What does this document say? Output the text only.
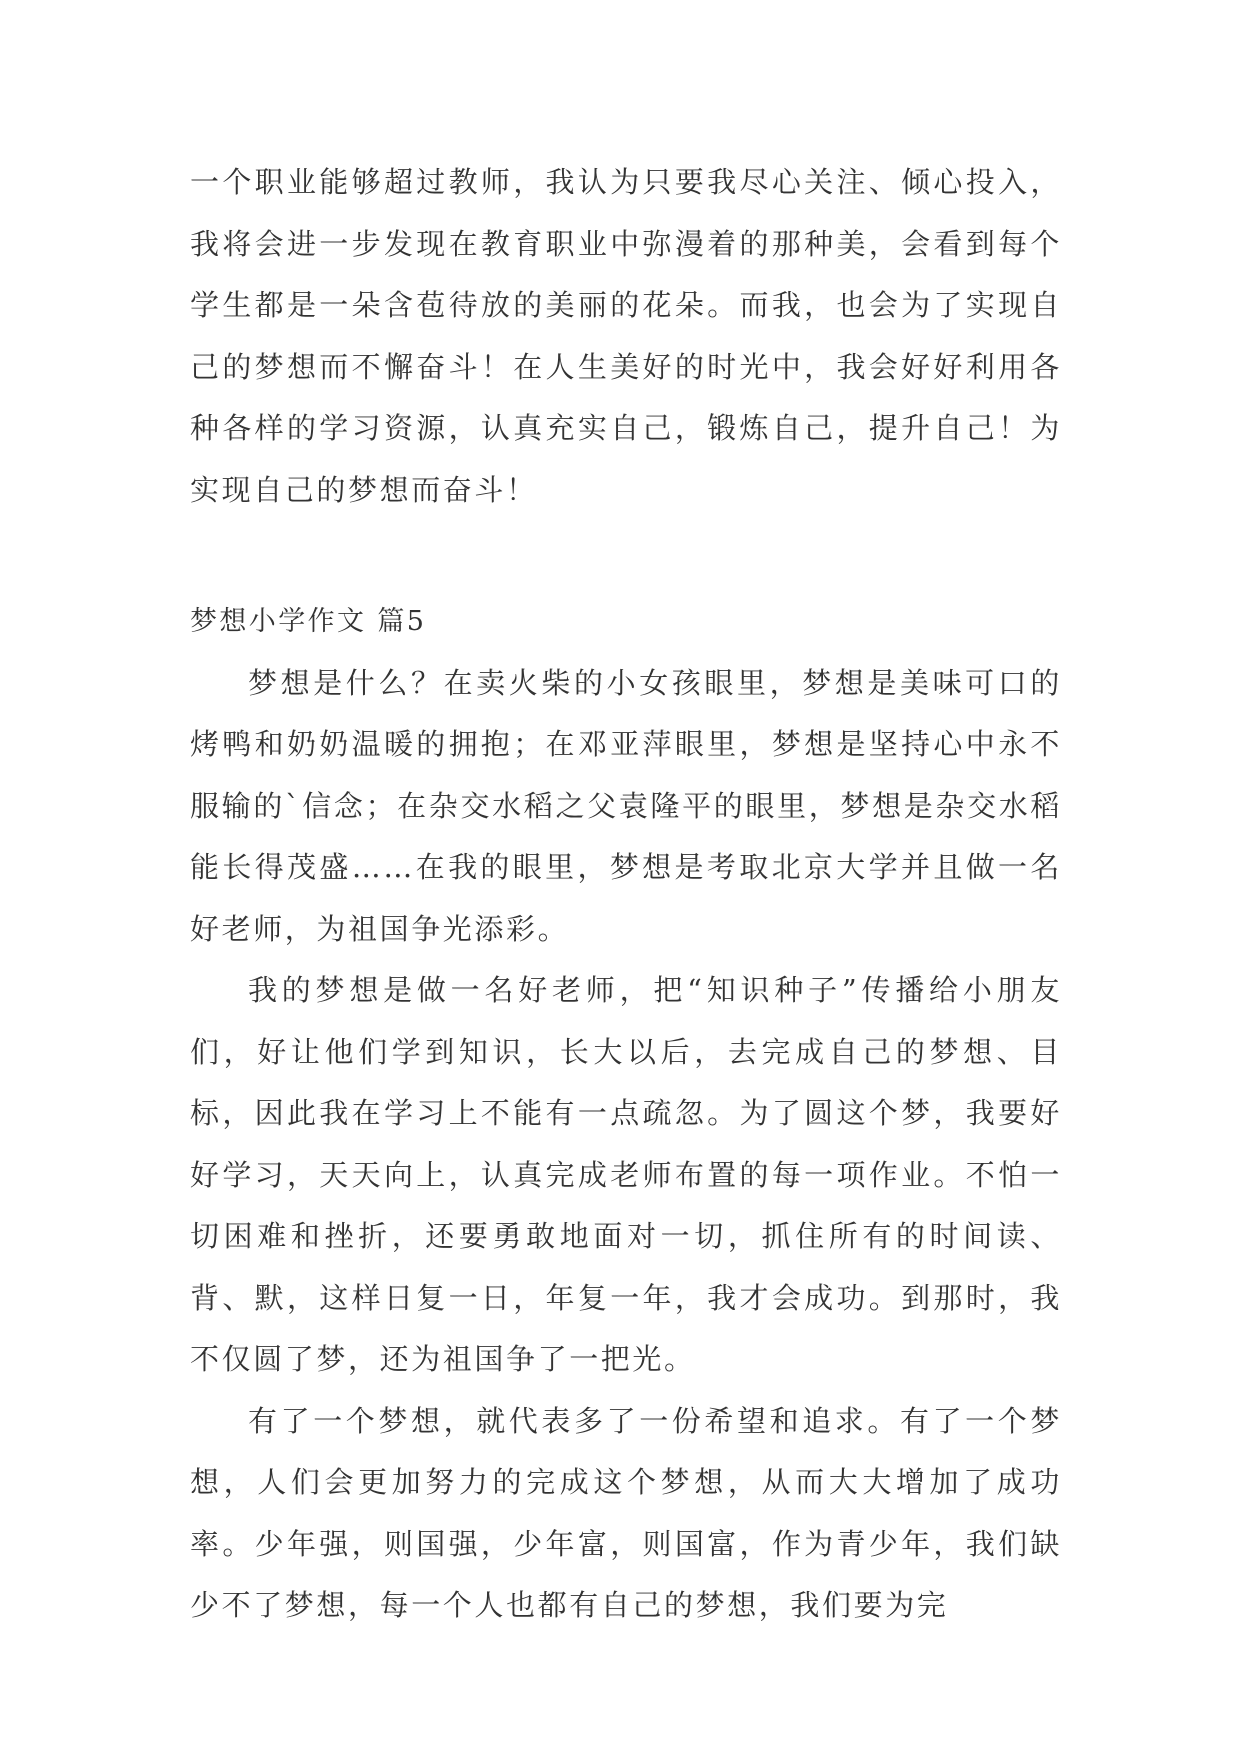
一个职业能够超过教师，我认为只要我尽心关注、倾心投入，我将会进一步发现在教育职业中弥漫着的那种美，会看到每个学生都是一朵含苞待放的美丽的花朵。而我，也会为了实现自己的梦想而不懈奋斗！在人生美好的时光中，我会好好利用各种各样的学习资源，认真充实自己，锻炼自己，提升自己！为实现自己的梦想而奋斗！

梦想小学作文 篇5

梦想是什么？在卖火柴的小女孩眼里，梦想是美味可口的烤鸭和奶奶温暖的拥抱；在邓亚萍眼里，梦想是坚持心中永不服输的`信念；在杂交水稻之父袁隆平的眼里，梦想是杂交水稻能长得茂盛……在我的眼里，梦想是考取北京大学并且做一名好老师，为祖国争光添彩。

我的梦想是做一名好老师，把“知识种子”传播给小朋友们，好让他们学到知识，长大以后，去完成自己的梦想、目标，因此我在学习上不能有一点疏忽。为了圆这个梦，我要好好学习，天天向上，认真完成老师布置的每一项作业。不怕一切困难和挫折，还要勇敢地面对一切，抓住所有的时间读、背、默，这样日复一日，年复一年，我才会成功。到那时，我不仅圆了梦，还为祖国争了一把光。

有了一个梦想，就代表多了一份希望和追求。有了一个梦想，人们会更加努力的完成这个梦想，从而大大增加了成功率。少年强，则国强，少年富，则国富，作为青少年，我们缺少不了梦想，每一个人也都有自己的梦想，我们要为完
